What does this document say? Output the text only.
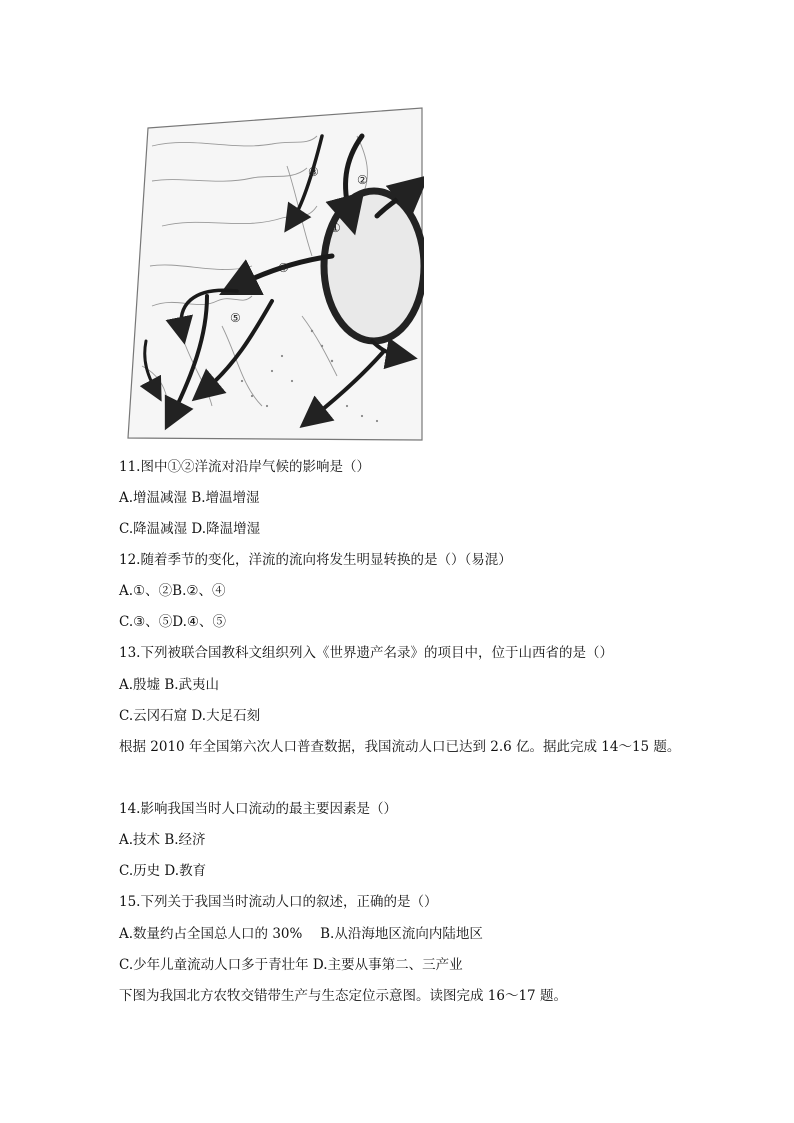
③
②
①
④
⑤
11.图中①②洋流对沿岸气候的影响是（）
A.增温减湿 B.增温增湿
C.降温减湿 D.降温增湿
12.随着季节的变化，洋流的流向将发生明显转换的是（）（易混）
A.①、②B.②、④
C.③、⑤D.④、⑤
13.下列被联合国教科文组织列入《世界遗产名录》的项目中，位于山西省的是（）
A.殷墟 B.武夷山
C.云冈石窟 D.大足石刻
根据 2010 年全国第六次人口普查数据，我国流动人口已达到 2.6 亿。据此完成 14～15 题。
14.影响我国当时人口流动的最主要因素是（）
A.技术 B.经济
C.历史 D.教育
15.下列关于我国当时流动人口的叙述，正确的是（）
A.数量约占全国总人口的 30%　 B.从沿海地区流向内陆地区
C.少年儿童流动人口多于青壮年 D.主要从事第二、三产业
下图为我国北方农牧交错带生产与生态定位示意图。读图完成 16～17 题。
